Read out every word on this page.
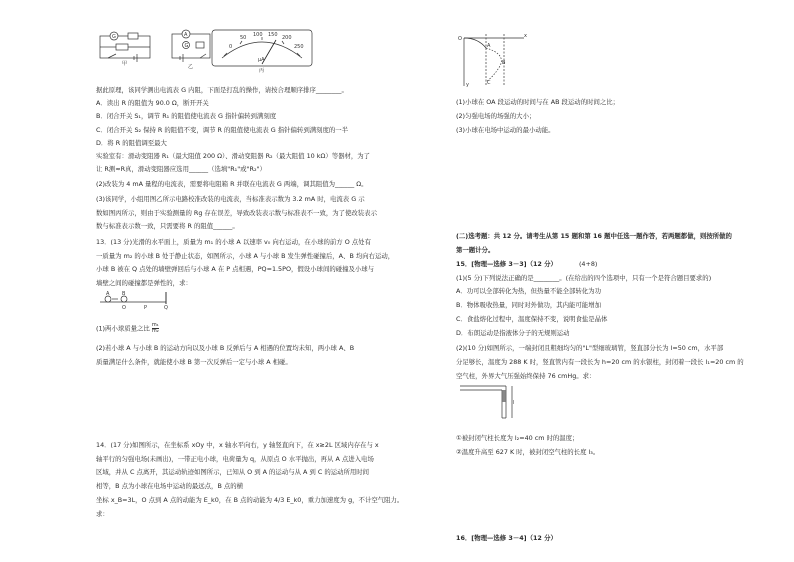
G
甲
A
G
乙
0
50 100 150 200
250
μA
丙
据此原理，该同学测出电流表 G 内阻，下面是打乱的操作，请按合理顺序排序________。
A．读出 R 的阻值为 90.0 Ω，断开开关
B．闭合开关 S₁，调节 R₁ 的阻值使电流表 G 指针偏转到满刻度
C．闭合开关 S₂ 保持 R 的阻值不变，调节 R 的阻值使电流表 G 指针偏转到满刻度的一半
D．将 R 的阻值调至最大
实验室有：滑动变阻器 R₁（最大阻值 200 Ω）、滑动变阻器 R₂（最大阻值 10 kΩ）等器材，为了
让 R测≈R真，滑动变阻器应选用______（选填"R₁"或"R₂"）
(2)改装为 4 mA 量程的电流表，需要将电阻箱 R 并联在电流表 G 两端，调其阻值为______ Ω。
(3)该同学，小组用图乙所示电路校准改装的电流表，当标准表示数为 3.2 mA 时，电流表 G 示
数如图丙所示，则由于实验测量的 Rg 存在误差，导致改装表示数与标准表不一致，为了使改装表示
数与标准表示数一致，只需要将 R 的阻值______。
13．(13 分)光滑的水平面上，质量为 m₁ 的小球 A 以速率 v₀ 向右运动，在小球的前方 O 点处有
一质量为 m₂ 的小球 B 处于静止状态，如图所示，小球 A 与小球 B 发生弹性碰撞后，A、B 均向右运动，
小球 B 被在 Q 点处的墙壁弹回后与小球 A 在 P 点相遇，PQ=1.5PO，假设小球间的碰撞及小球与
墙壁之间的碰撞都是弹性的，求：
A	B
O	P	Q
(1)两小球质量之比 $\frac{\text{m₁}}{\text{m₂}}$
(2)若小球 A 与小球 B 的运动方向以及小球 B 反弹后与 A 相遇的位置均未知，两小球 A、B
质量满足什么条件，就能使小球 B 第一次反弹后一定与小球 A 相碰。
14．(17 分)如图所示，在坐标系 xOy 中，x 轴水平向右，y 轴竖直向下，在 x≥2L 区域内存在与 x
轴平行的匀强电场(未画出)，一带正电小球，电荷量为 q，从原点 O 水平抛出，再从 A 点进入电场
区域，并从 C 点离开，其运动轨迹如图所示，已知从 O 到 A 的运动与从 A 到 C 的运动所用时间
相等，B 点为小球在电场中运动的最远点，B 点的横
坐标 x_B=3L，O 点到 A 点的动能为 E_k0，在 B 点的动能为 4/3 E_k0，重力加速度为 g，不计空气阻力。
求：
O	x
y
A
B
C
(1)小球在 OA 段运动的时间与在 AB 段运动的时间之比；
(2)匀强电场的场强的大小；
(3)小球在电场中运动的最小动能。
(二)选考题：共 12 分。请考生从第 15 题和第 16 题中任选一题作答，若两题都做，则按所做的
第一题计分。
15．[物理—选修 3－3]（12 分）	(4+8)
(1)(5 分)下列说法正确的是________。(在给出的四个选项中，只有一个是符合题目要求的)
A．功可以全部转化为热，但热量不能全部转化为功
B．物体吸收热量，同时对外做功，其内能可能增加
C．食盐熔化过程中，温度保持不变，说明食盐是晶体
D．布朗运动是指液体分子的无规则运动
(2)(10 分)如图所示，一端封闭且粗细均匀的"L"型细玻璃管，竖直部分长为 l=50 cm，水平部
分足够长，温度为 288 K 时，竖直管内有一段长为 h=20 cm 的水银柱，封闭着一段长 l₁=20 cm 的
空气柱，外界大气压强始终保持 76 cmHg。求：
l
①被封闭气柱长度为 l₂=40 cm 时的温度；
②温度升高至 627 K 时，被封闭空气柱的长度 l₃。
16．[物理—选修 3－4]（12 分）
